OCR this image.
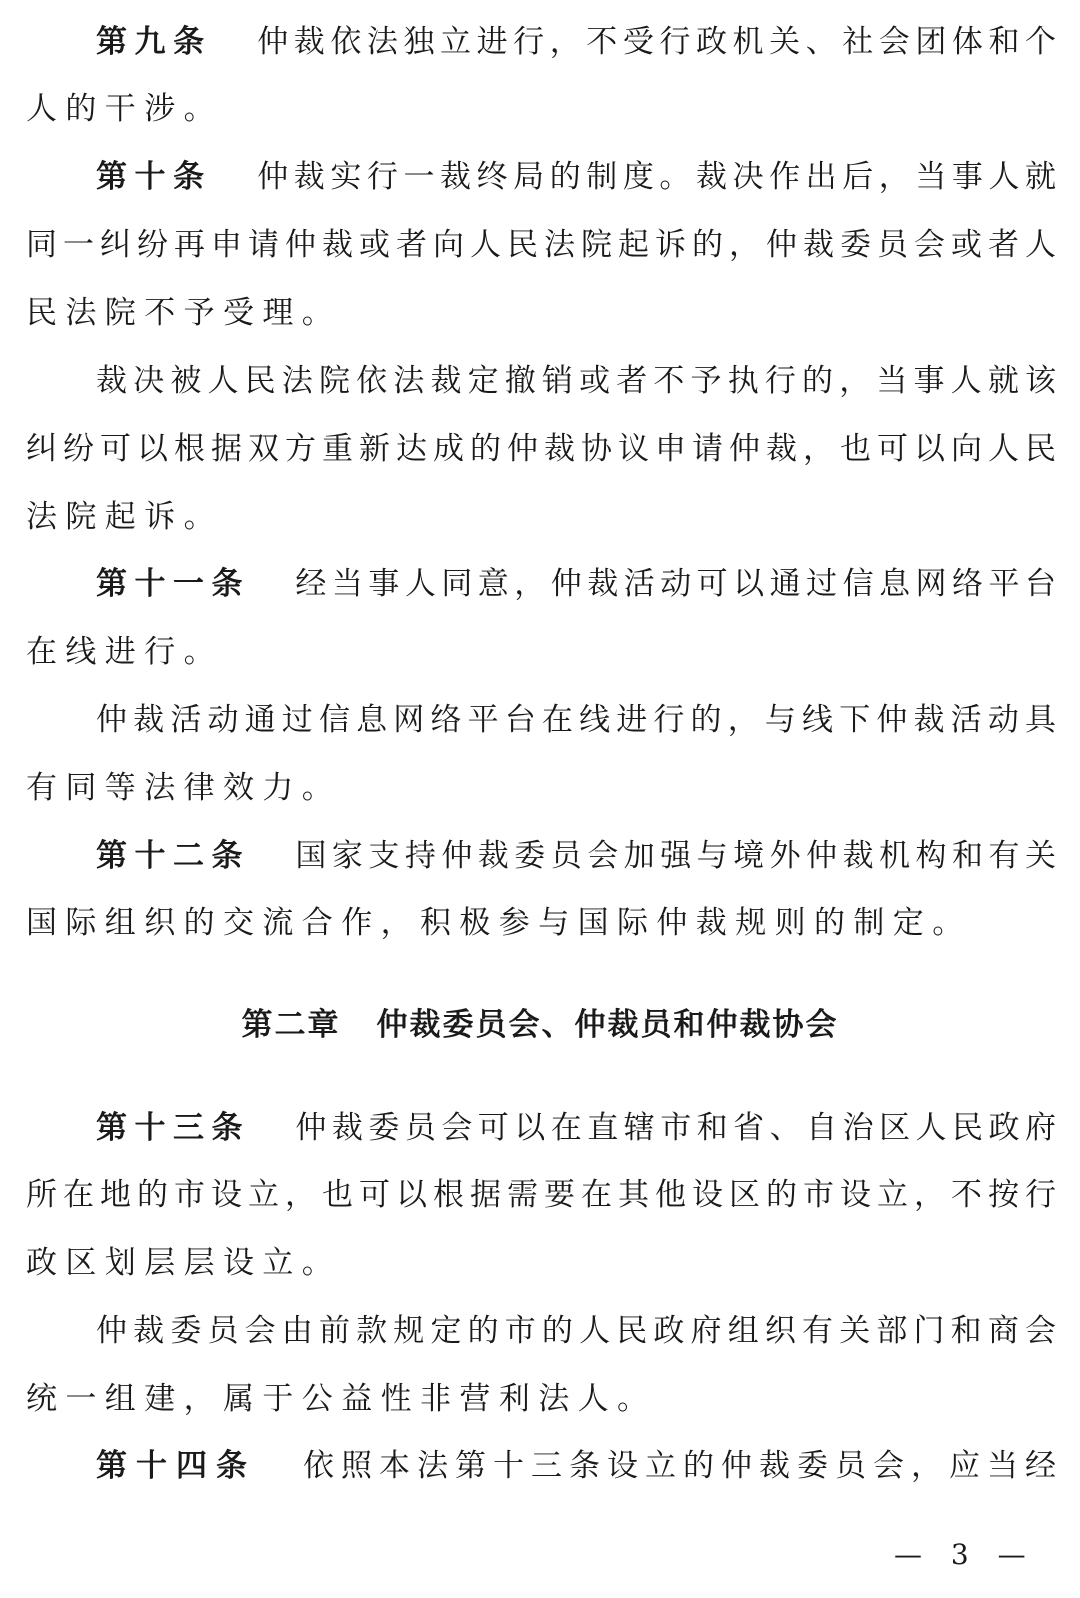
第九条 仲裁依法独立进行，不受行政机关、社会团体和个
人的干涉。
第十条 仲裁实行一裁终局的制度。裁决作出后，当事人就
同一纠纷再申请仲裁或者向人民法院起诉的，仲裁委员会或者人
民法院不予受理。
裁决被人民法院依法裁定撤销或者不予执行的，当事人就该
纠纷可以根据双方重新达成的仲裁协议申请仲裁，也可以向人民
法院起诉。
第十一条 经当事人同意，仲裁活动可以通过信息网络平台
在线进行。
仲裁活动通过信息网络平台在线进行的，与线下仲裁活动具
有同等法律效力。
第十二条 国家支持仲裁委员会加强与境外仲裁机构和有关
国际组织的交流合作，积极参与国际仲裁规则的制定。
第十三条 仲裁委员会可以在直辖市和省、自治区人民政府
所在地的市设立，也可以根据需要在其他设区的市设立，不按行
政区划层层设立。
仲裁委员会由前款规定的市的人民政府组织有关部门和商会
统一组建，属于公益性非营利法人。
第十四条 依照本法第十三条设立的仲裁委员会，应当经
第二章 仲裁委员会、仲裁员和仲裁协会
— 3 —
